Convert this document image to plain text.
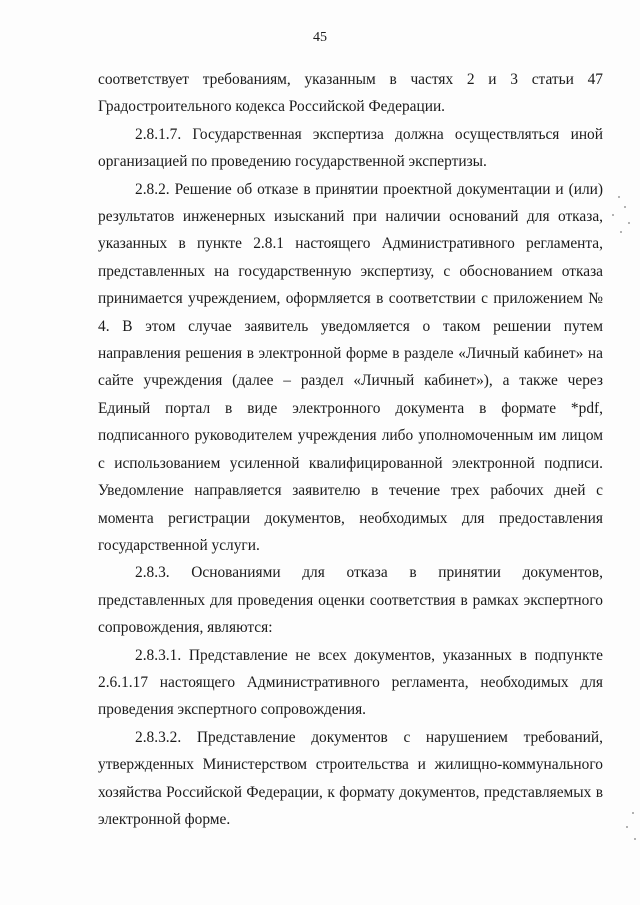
45

соответствует требованиям, указанным в частях 2 и 3 статьи 47 Градостроительного кодекса Российской Федерации.

2.8.1.7. Государственная экспертиза должна осуществляться иной организацией по проведению государственной экспертизы.

2.8.2. Решение об отказе в принятии проектной документации и (или) результатов инженерных изысканий при наличии оснований для отказа, указанных в пункте 2.8.1 настоящего Административного регламента, представленных на государственную экспертизу, с обоснованием отказа принимается учреждением, оформляется в соответствии с приложением № 4. В этом случае заявитель уведомляется о таком решении путем направления решения в электронной форме в разделе «Личный кабинет» на сайте учреждения (далее – раздел «Личный кабинет»), а также через Единый портал в виде электронного документа в формате *pdf, подписанного руководителем учреждения либо уполномоченным им лицом с использованием усиленной квалифицированной электронной подписи. Уведомление направляется заявителю в течение трех рабочих дней с момента регистрации документов, необходимых для предоставления государственной услуги.

2.8.3. Основаниями для отказа в принятии документов, представленных для проведения оценки соответствия в рамках экспертного сопровождения, являются:

2.8.3.1. Представление не всех документов, указанных в подпункте 2.6.1.17 настоящего Административного регламента, необходимых для проведения экспертного сопровождения.

2.8.3.2. Представление документов с нарушением требований, утвержденных Министерством строительства и жилищно-коммунального хозяйства Российской Федерации, к формату документов, представляемых в электронной форме.
